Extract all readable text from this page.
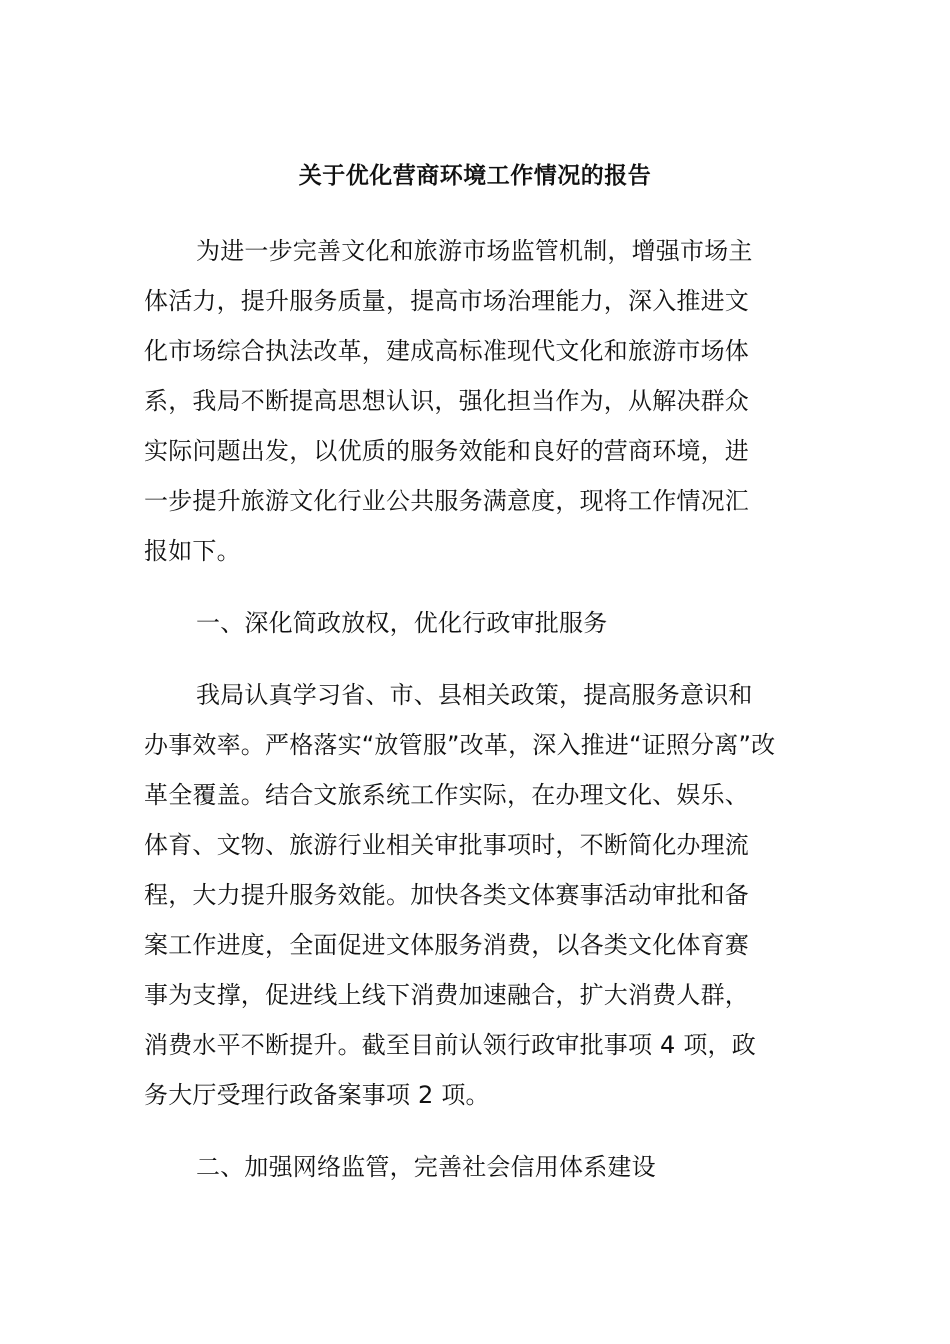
关于优化营商环境工作情况的报告
为进一步完善文化和旅游市场监管机制，增强市场主
体活力，提升服务质量，提高市场治理能力，深入推进文
化市场综合执法改革，建成高标准现代文化和旅游市场体
系，我局不断提高思想认识，强化担当作为，从解决群众
实际问题出发，以优质的服务效能和良好的营商环境，进
一步提升旅游文化行业公共服务满意度，现将工作情况汇
报如下。
一、深化简政放权，优化行政审批服务
我局认真学习省、市、县相关政策，提高服务意识和
办事效率。严格落实“放管服”改革，深入推进“证照分离”改
革全覆盖。结合文旅系统工作实际，在办理文化、娱乐、
体育、文物、旅游行业相关审批事项时，不断简化办理流
程，大力提升服务效能。加快各类文体赛事活动审批和备
案工作进度，全面促进文体服务消费，以各类文化体育赛
事为支撑，促进线上线下消费加速融合，扩大消费人群，
消费水平不断提升。截至目前认领行政审批事项 4 项，政
务大厅受理行政备案事项 2 项。
二、加强网络监管，完善社会信用体系建设
